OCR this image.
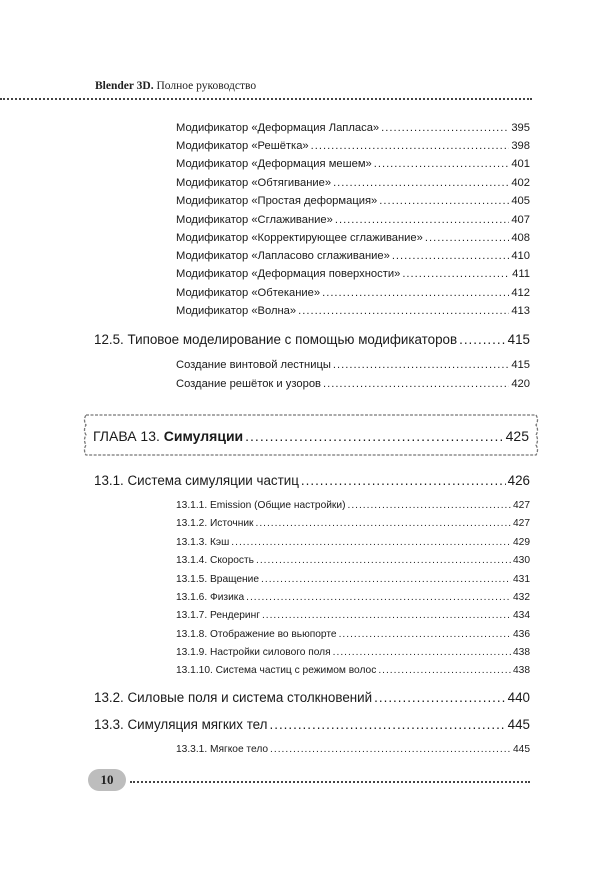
Blender 3D. Полное руководство
Модификатор «Деформация Лапласа» .....	395
Модификатор «Решётка» .....	398
Модификатор «Деформация мешем» .....	401
Модификатор «Обтягивание» .....	402
Модификатор «Простая деформация» .....	405
Модификатор «Сглаживание» .....	407
Модификатор «Корректирующее сглаживание» .....	408
Модификатор «Лапласово сглаживание» .....	410
Модификатор «Деформация поверхности» .....	411
Модификатор «Обтекание» .....	412
Модификатор «Волна» .....	413
12.5. Типовое моделирование с помощью модификаторов .....	415
Создание винтовой лестницы .....	415
Создание решёток и узоров .....	420
ГЛАВА 13. Симуляции .....	425
13.1. Система симуляции частиц .....	426
13.1.1. Emission (Общие настройки) .....	427
13.1.2. Источник .....	427
13.1.3. Кэш .....	429
13.1.4. Скорость .....	430
13.1.5. Вращение .....	431
13.1.6. Физика .....	432
13.1.7. Рендеринг .....	434
13.1.8. Отображение во вьюпорте .....	436
13.1.9. Настройки силового поля .....	438
13.1.10. Система частиц с режимом волос .....	438
13.2. Силовые поля и система столкновений .....	440
13.3. Симуляция мягких тел .....	445
13.3.1. Мягкое тело .....	445
10
